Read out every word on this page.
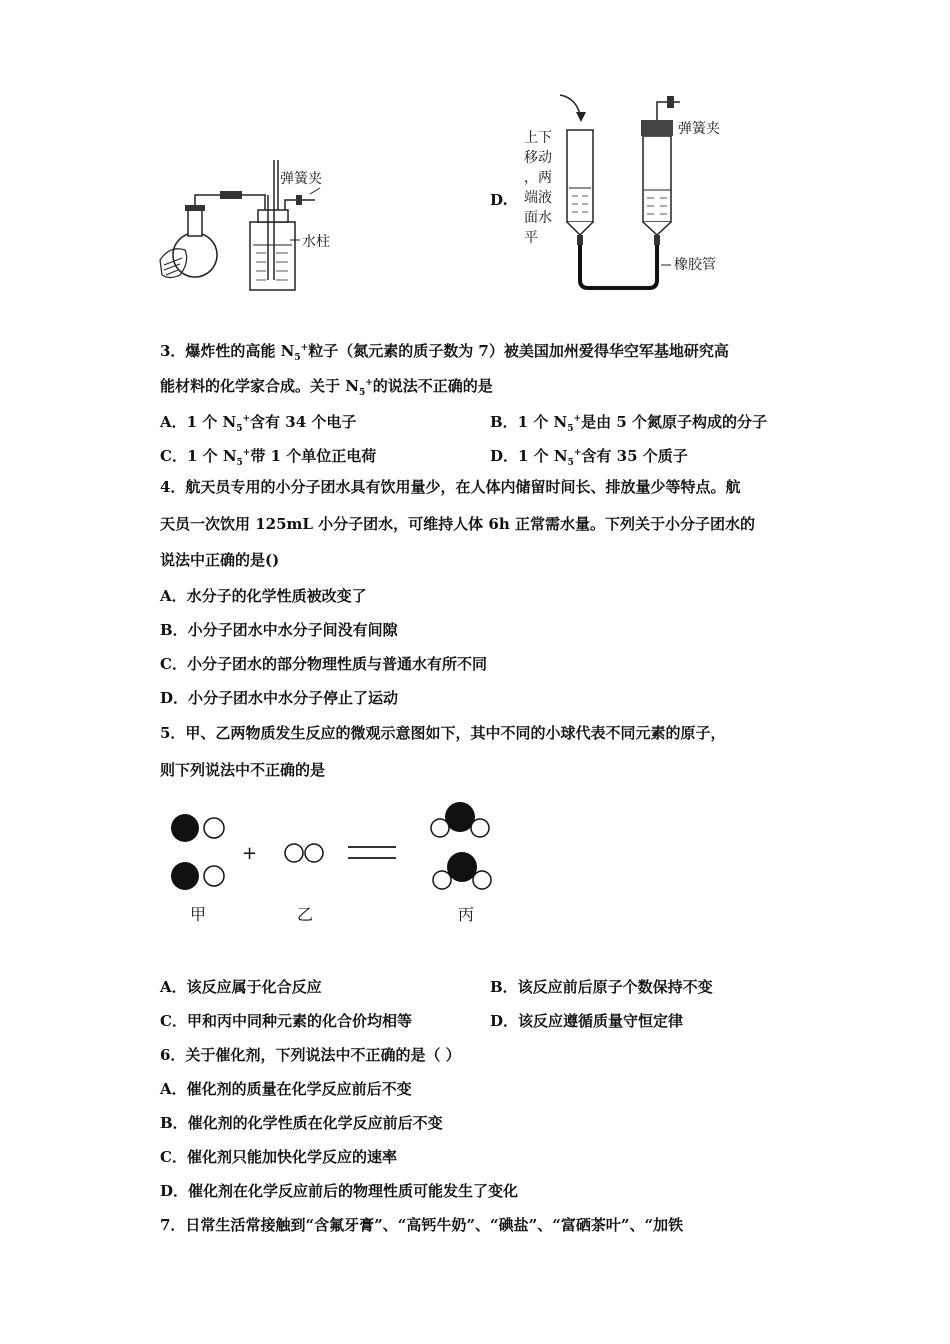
弹簧夹
水柱
D.
上下
移动
，两
端液
面水
平
弹簧夹
橡胶管
3．爆炸性的高能 $N_5^+$粒子（氮元素的质子数为 7）被美国加州爱得华空军基地研究高
能材料的化学家合成。关于 $N_5^+$的说法不正确的是
A．1 个 $N_5^+$含有 34 个电子	B．1 个 $N_5^+$是由 5 个氮原子构成的分子
C．1 个 $N_5^+$带 1 个单位正电荷	D．1 个 $N_5^+$含有 35 个质子
4．航天员专用的小分子团水具有饮用量少，在人体内储留时间长、排放量少等特点。航
天员一次饮用 125mL 小分子团水，可维持人体 6h 正常需水量。下列关于小分子团水的
说法中正确的是()
A．水分子的化学性质被改变了
B．小分子团水中水分子间没有间隙
C．小分子团水的部分物理性质与普通水有所不同
D．小分子团水中水分子停止了运动
5．甲、乙两物质发生反应的微观示意图如下，其中不同的小球代表不同元素的原子，
则下列说法中不正确的是
+
甲	乙	丙
A．该反应属于化合反应	B．该反应前后原子个数保持不变
C．甲和丙中同种元素的化合价均相等	D．该反应遵循质量守恒定律
6．关于催化剂，下列说法中不正确的是（ ）
A．催化剂的质量在化学反应前后不变
B．催化剂的化学性质在化学反应前后不变
C．催化剂只能加快化学反应的速率
D．催化剂在化学反应前后的物理性质可能发生了变化
7．日常生活常接触到“含氟牙膏”、“高钙牛奶”、“碘盐”、“富硒茶叶”、“加铁
